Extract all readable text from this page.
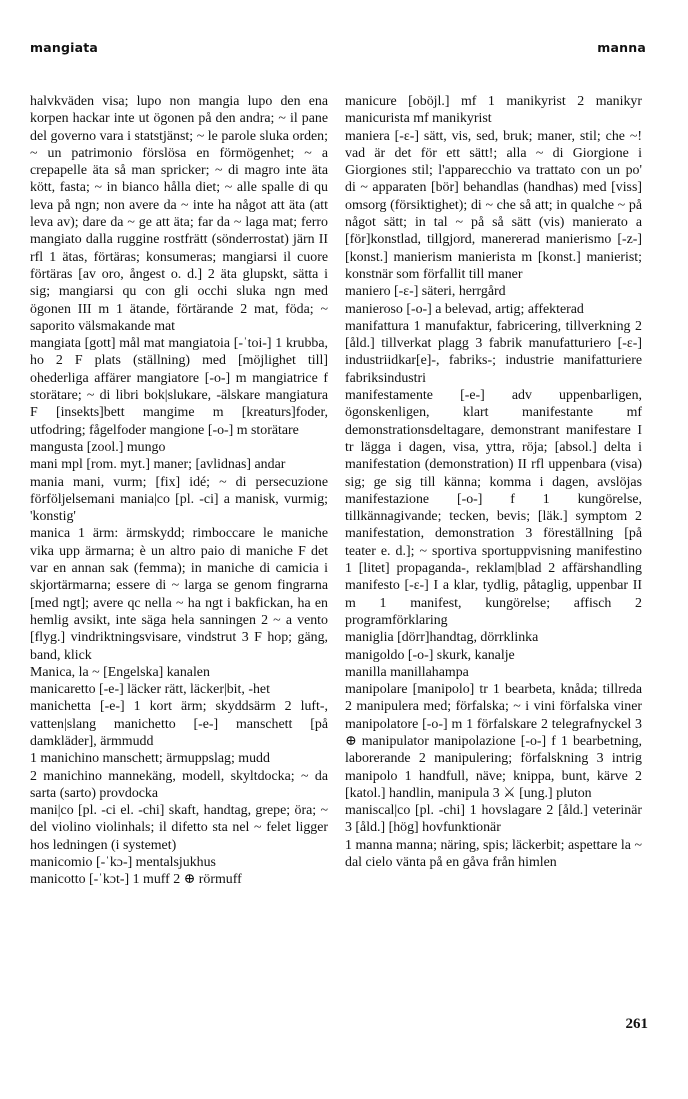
mangiata	manna

halvkväden visa; lupo non mangia lupo den ena korpen hackar inte ut ögonen på den andra; ~ il pane del governo vara i statstjänst; ~ le parole sluka orden; ~ un patrimonio förslösa en förmögenhet; ~ a crepapelle äta så man spricker; ~ di magro inte äta kött, fasta; ~ in bianco hålla diet; ~ alle spalle di qu leva på ngn; non avere da ~ inte ha något att äta (att leva av); dare da ~ ge att äta; far da ~ laga mat; ferro mangiato dalla ruggine rostfrätt (sönderrostat) järn II rfl 1 ätas, förtäras; konsumeras; mangiarsi il cuore förtäras [av oro, ångest o. d.] 2 äta glupskt, sätta i sig; mangiarsi qu con gli occhi sluka ngn med ögonen III m 1 ätande, förtärande 2 mat, föda; ~ saporito välsmakande mat

mangiata [gott] mål mat mangiatoia [-ˈtoi-] 1 krubba, ho 2 F plats (ställning) med [möjlighet till] ohederliga affärer mangiatore [-o-] m mangiatrice f storätare; ~ di libri bok|slukare, -älskare mangiatura F [insekts]bett mangime m [kreaturs]foder, utfodring; fågelfoder mangione [-o-] m storätare

mangusta [zool.] mungo

mani mpl [rom. myt.] maner; [avlidnas] andar

mania mani, vurm; [fix] idé; ~ di persecuzione förföljelsemani mania|co [pl. -ci] a manisk, vurmig; 'konstig'

manica 1 ärm: ärmskydd; rimboccare le maniche vika upp ärmarna; è un altro paio di maniche F det var en annan sak (femma); in maniche di camicia i skjortärmarna; essere di ~ larga se genom fingrarna [med ngt]; avere qc nella ~ ha ngt i bakfickan, ha en hemlig avsikt, inte säga hela sanningen 2 ~ a vento [flyg.] vindriktningsvisare, vindstrut 3 F hop; gäng, band, klick

Manica, la ~ [Engelska] kanalen

manicaretto [-e-] läcker rätt, läcker|bit, -het

manichetta [-e-] 1 kort ärm; skyddsärm 2 luft-, vatten|slang manichetto [-e-] manschett [på damkläder], ärmmudd

1 manichino manschett; ärmuppslag; mudd

2 manichino mannekäng, modell, skyltdocka; ~ da sarta (sarto) provdocka

mani|co [pl. -ci el. -chi] skaft, handtag, grepe; öra; ~ del violino violinhals; il difetto sta nel ~ felet ligger hos ledningen (i systemet)

manicomio [-ˈkɔ-] mentalsjukhus

manicotto [-ˈkɔt-] 1 muff 2 ⊕ rörmuff

manicure [oböjl.] mf 1 manikyrist 2 manikyr manicurista mf manikyrist

maniera [-ɛ-] sätt, vis, sed, bruk; maner, stil; che ~! vad är det för ett sätt!; alla ~ di Giorgione i Giorgiones stil; l'apparecchio va trattato con un po' di ~ apparaten [bör] behandlas (handhas) med [viss] omsorg (försiktighet); di ~ che så att; in qualche ~ på något sätt; in tal ~ på så sätt (vis) manierato a [för]konstlad, tillgjord, manererad manierismo [-z-] [konst.] manierism manierista m [konst.] manierist; konstnär som förfallit till maner

maniero [-ɛ-] säteri, herrgård

manieroso [-o-] a belevad, artig; affekterad

manifattura 1 manufaktur, fabricering, tillverkning 2 [åld.] tillverkat plagg 3 fabrik manufatturiero [-ɛ-] industriidkar[e]-, fabriks-; industrie manifatturiere fabriksindustri

manifestamente [-e-] adv uppenbarligen, ögonskenligen, klart manifestante mf demonstrationsdeltagare, demonstrant manifestare I tr lägga i dagen, visa, yttra, röja; [absol.] delta i manifestation (demonstration) II rfl uppenbara (visa) sig; ge sig till känna; komma i dagen, avslöjas manifestazione [-o-] f 1 kungörelse, tillkännagivande; tecken, bevis; [läk.] symptom 2 manifestation, demonstration 3 föreställning [på teater e. d.]; ~ sportiva sportuppvisning manifestino 1 [litet] propaganda-, reklam|blad 2 affärshandling manifesto [-ɛ-] I a klar, tydlig, påtaglig, uppenbar II m 1 manifest, kungörelse; affisch 2 programförklaring

maniglia [dörr]handtag, dörrklinka

manigoldo [-o-] skurk, kanalje

manilla manillahampa

manipolare [manipolo] tr 1 bearbeta, knåda; tillreda 2 manipulera med; förfalska; ~ i vini förfalska viner manipolatore [-o-] m 1 förfalskare 2 telegrafnyckel 3 ⊕ manipulator manipolazione [-o-] f 1 bearbetning, laborerande 2 manipulering; förfalskning 3 intrig manipolo 1 handfull, näve; knippa, bunt, kärve 2 [katol.] handlin, manipula 3 ⚔ [ung.] pluton

maniscal|co [pl. -chi] 1 hovslagare 2 [åld.] veterinär 3 [åld.] [hög] hovfunktionär

1 manna manna; näring, spis; läckerbit; aspettare la ~ dal cielo vänta på en gåva från himlen

261
